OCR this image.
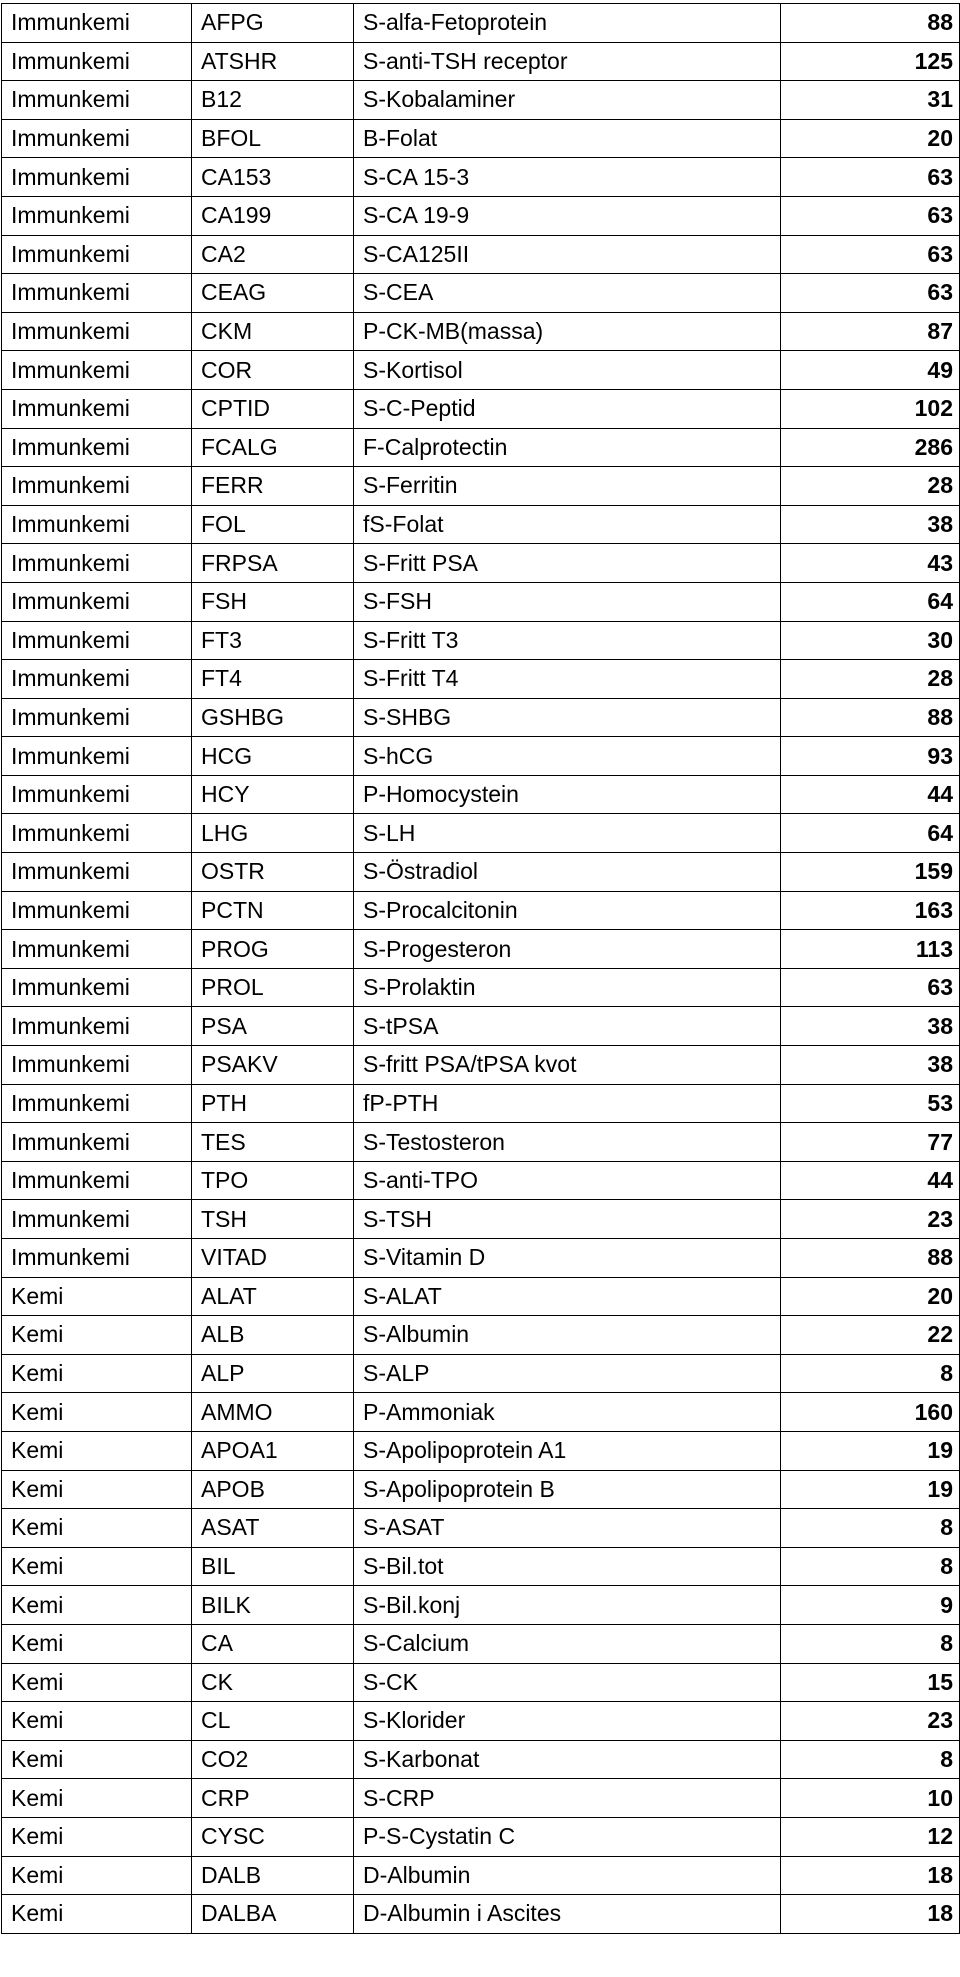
Immunkemi	AFPG	S-alfa-Fetoprotein	88
Immunkemi	ATSHR	S-anti-TSH receptor	125
Immunkemi	B12	S-Kobalaminer	31
Immunkemi	BFOL	B-Folat	20
Immunkemi	CA153	S-CA 15-3	63
Immunkemi	CA199	S-CA 19-9	63
Immunkemi	CA2	S-CA125II	63
Immunkemi	CEAG	S-CEA	63
Immunkemi	CKM	P-CK-MB(massa)	87
Immunkemi	COR	S-Kortisol	49
Immunkemi	CPTID	S-C-Peptid	102
Immunkemi	FCALG	F-Calprotectin	286
Immunkemi	FERR	S-Ferritin	28
Immunkemi	FOL	fS-Folat	38
Immunkemi	FRPSA	S-Fritt PSA	43
Immunkemi	FSH	S-FSH	64
Immunkemi	FT3	S-Fritt T3	30
Immunkemi	FT4	S-Fritt T4	28
Immunkemi	GSHBG	S-SHBG	88
Immunkemi	HCG	S-hCG	93
Immunkemi	HCY	P-Homocystein	44
Immunkemi	LHG	S-LH	64
Immunkemi	OSTR	S-Östradiol	159
Immunkemi	PCTN	S-Procalcitonin	163
Immunkemi	PROG	S-Progesteron	113
Immunkemi	PROL	S-Prolaktin	63
Immunkemi	PSA	S-tPSA	38
Immunkemi	PSAKV	S-fritt PSA/tPSA kvot	38
Immunkemi	PTH	fP-PTH	53
Immunkemi	TES	S-Testosteron	77
Immunkemi	TPO	S-anti-TPO	44
Immunkemi	TSH	S-TSH	23
Immunkemi	VITAD	S-Vitamin D	88
Kemi	ALAT	S-ALAT	20
Kemi	ALB	S-Albumin	22
Kemi	ALP	S-ALP	8
Kemi	AMMO	P-Ammoniak	160
Kemi	APOA1	S-Apolipoprotein A1	19
Kemi	APOB	S-Apolipoprotein B	19
Kemi	ASAT	S-ASAT	8
Kemi	BIL	S-Bil.tot	8
Kemi	BILK	S-Bil.konj	9
Kemi	CA	S-Calcium	8
Kemi	CK	S-CK	15
Kemi	CL	S-Klorider	23
Kemi	CO2	S-Karbonat	8
Kemi	CRP	S-CRP	10
Kemi	CYSC	P-S-Cystatin C	12
Kemi	DALB	D-Albumin	18
Kemi	DALBA	D-Albumin i Ascites	18
